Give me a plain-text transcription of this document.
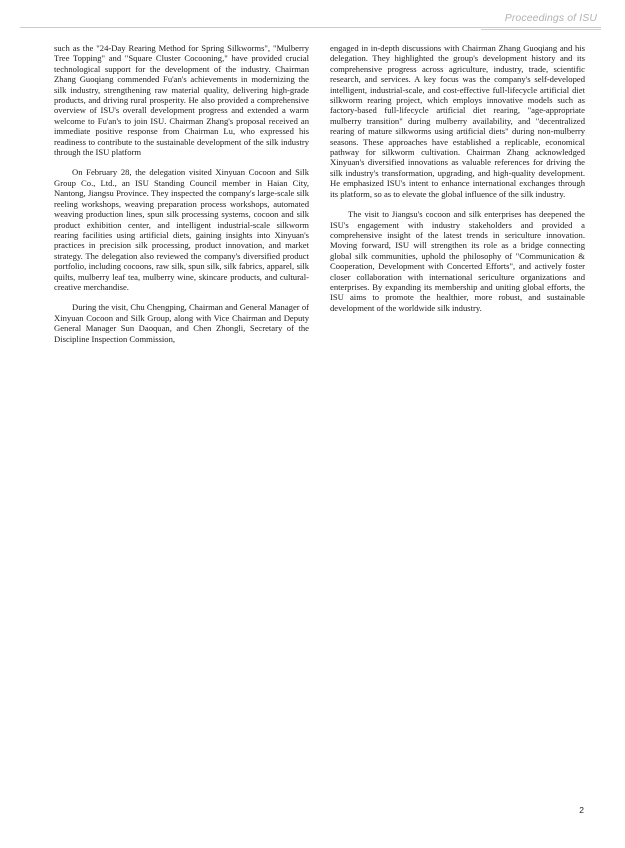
Proceedings of ISU

such as the "24-Day Rearing Method for Spring Silkworms", "Mulberry Tree Topping" and "Square Cluster Cocooning," have provided crucial technological support for the development of the industry. Chairman Zhang Guoqiang commended Fu'an's achievements in modernizing the silk industry, strengthening raw material quality, delivering high-grade products, and driving rural prosperity. He also provided a comprehensive overview of ISU's overall development progress and extended a warm welcome to Fu'an's to join ISU. Chairman Zhang's proposal received an immediate positive response from Chairman Lu, who expressed his readiness to contribute to the sustainable development of the silk industry through the ISU platform

On February 28, the delegation visited Xinyuan Cocoon and Silk Group Co., Ltd., an ISU Standing Council member in Haian City, Nantong, Jiangsu Province. They inspected the company's large-scale silk reeling workshops, weaving preparation process workshops, automated weaving production lines, spun silk processing systems, cocoon and silk product exhibition center, and intelligent industrial-scale silkworm rearing facilities using artificial diets, gaining insights into Xinyuan's practices in precision silk processing, product innovation, and market strategy. The delegation also reviewed the company's diversified product portfolio, including cocoons, raw silk, spun silk, silk fabrics, apparel, silk quilts, mulberry leaf tea, mulberry wine, skincare products, and cultural-creative merchandise.

During the visit, Chu Chengping, Chairman and General Manager of Xinyuan Cocoon and Silk Group, along with Vice Chairman and Deputy General Manager Sun Daoquan, and Chen Zhongli, Secretary of the Discipline Inspection Commission,

engaged in in-depth discussions with Chairman Zhang Guoqiang and his delegation. They highlighted the group's development history and its comprehensive progress across agriculture, industry, trade, scientific research, and services. A key focus was the company's self-developed intelligent, industrial-scale, and cost-effective full-lifecycle artificial diet silkworm rearing project, which employs innovative models such as factory-based full-lifecycle artificial diet rearing, "age-appropriate mulberry transition" during mulberry availability, and "decentralized rearing of mature silkworms using artificial diets" during non-mulberry seasons. These approaches have established a replicable, economical pathway for silkworm cultivation. Chairman Zhang acknowledged Xinyuan's diversified innovations as valuable references for driving the silk industry's transformation, upgrading, and high-quality development. He emphasized ISU's intent to enhance international exchanges through its platform, so as to elevate the global influence of the silk industry.

The visit to Jiangsu's cocoon and silk enterprises has deepened the ISU's engagement with industry stakeholders and provided a comprehensive insight of the latest trends in sericulture innovation. Moving forward, ISU will strengthen its role as a bridge connecting global silk communities, uphold the philosophy of "Communication & Cooperation, Development with Concerted Efforts", and actively foster closer collaboration with international sericulture organizations and enterprises. By expanding its membership and uniting global efforts, the ISU aims to promote the healthier, more robust, and sustainable development of the worldwide silk industry.

2
